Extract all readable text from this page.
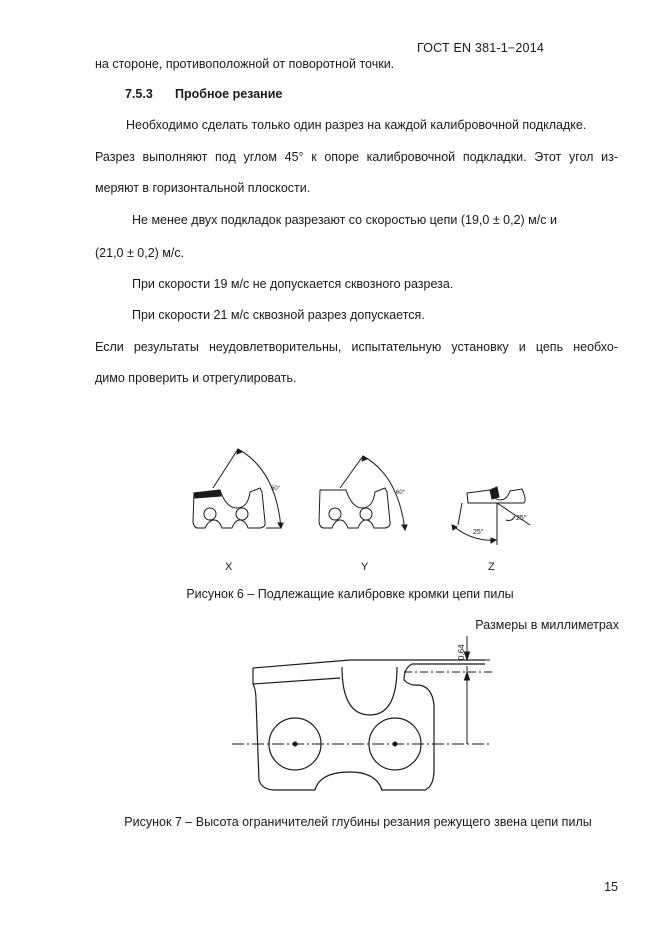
ГОСТ EN 381-1−2014
на стороне, противоположной от поворотной точки.
7.5.3 Пробное резание
Необходимо сделать только один разрез на каждой калибровочной подкладке.
Разрез выполняют под углом 45° к опоре калибровочной подкладки. Этот угол из-
меряют в горизонтальной плоскости.
Не менее двух подкладок разрезают со скоростью цепи (19,0 ± 0,2) м/с и
(21,0 ± 0,2) м/с.
При скорости 19 м/с не допускается сквозного разреза.
При скорости 21 м/с сквозной разрез допускается.
Если результаты неудовлетворительны, испытательную установку и цепь необхо-
димо проверить и отрегулировать.
60°
60°
25°
25°
X	Y	Z
Рисунок 6 – Подлежащие калибровке кромки цепи пилы
Размеры в миллиметрах
0,64
Рисунок 7 – Высота ограничителей глубины резания режущего звена цепи пилы
15
